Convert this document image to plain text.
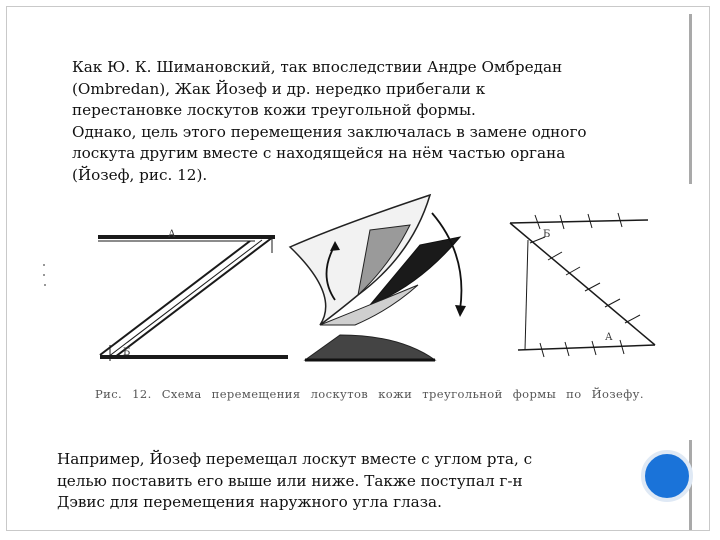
Как Ю. К. Шимановский, так впоследствии Андре Омбредан
(Ombredan), Жак Йозеф и др. нередко прибегали к
перестановке лоскутов кожи треугольной формы.
Однако, цель этого перемещения заключалась в замене одного
лоскута другим вместе с находящейся на нём частью органа
(Йозеф, рис. 12).

А
Б
Б
А

Рис. 12. Схема перемещения лоскутов кожи треугольной формы по Йозефу.

Например, Йозеф перемещал лоскут вместе с углом рта, с
целью поставить его выше или ниже. Также поступал г-н
Дэвис для перемещения наружного угла глаза.
